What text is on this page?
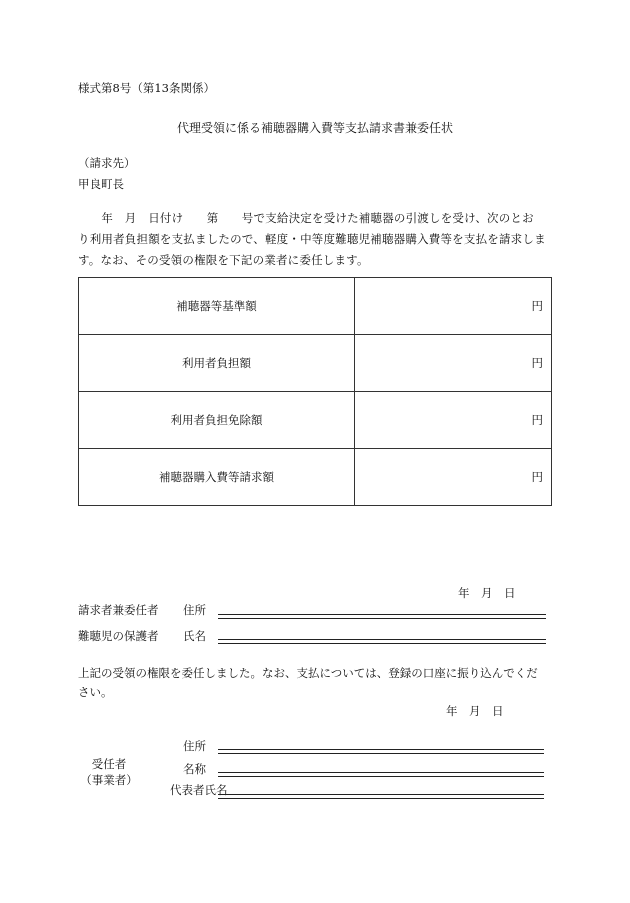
様式第8号（第13条関係）
代理受領に係る補聴器購入費等支払請求書兼委任状
（請求先）
甲良町長
　　年　月　日付け　　第　　号で支給決定を受けた補聴器の引渡しを受け、次のとお
り利用者負担額を支払ましたので、軽度・中等度難聴児補聴器購入費等を支払を請求しま
す。なお、その受領の権限を下記の業者に委任します。
補聴器等基準額	円
利用者負担額	円
利用者負担免除額	円
補聴器購入費等請求額	円
年　月　日
請求者兼委任者 住所
難聴児の保護者 氏名
上記の受領の権限を委任しました。なお、支払については、登録の口座に振り込んでくだ
さい。
年　月　日
受任者
（事業者）
住所
名称
代表者氏名
